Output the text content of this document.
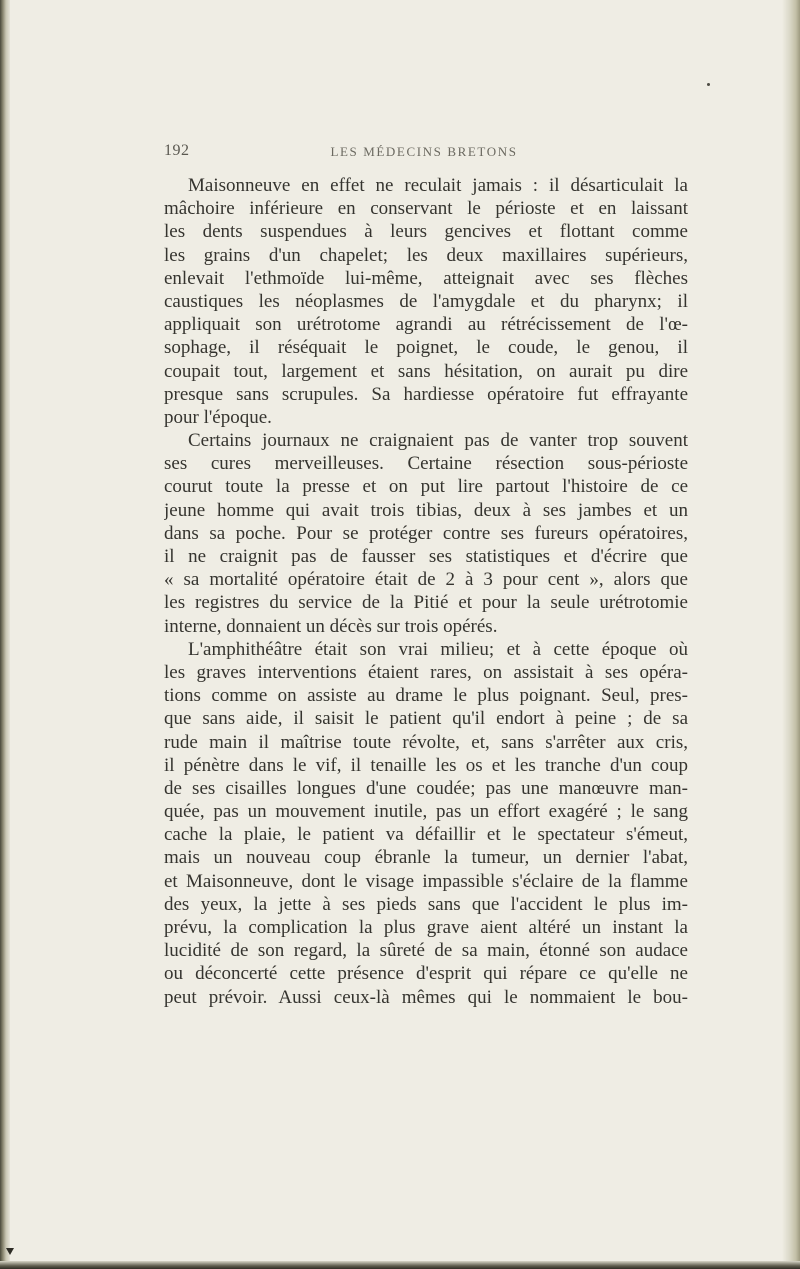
192	LES MÉDECINS BRETONS
Maisonneuve en effet ne reculait jamais : il désarticulait la
mâchoire inférieure en conservant le périoste et en laissant
les dents suspendues à leurs gencives et flottant comme
les grains d'un chapelet; les deux maxillaires supérieurs,
enlevait l'ethmoïde lui-même, atteignait avec ses flèches
caustiques les néoplasmes de l'amygdale et du pharynx; il
appliquait son urétrotome agrandi au rétrécissement de l'œ-
sophage, il réséquait le poignet, le coude, le genou, il
coupait tout, largement et sans hésitation, on aurait pu dire
presque sans scrupules. Sa hardiesse opératoire fut effrayante
pour l'époque.
Certains journaux ne craignaient pas de vanter trop souvent
ses cures merveilleuses. Certaine résection sous-périoste
courut toute la presse et on put lire partout l'histoire de ce
jeune homme qui avait trois tibias, deux à ses jambes et un
dans sa poche. Pour se protéger contre ses fureurs opératoires,
il ne craignit pas de fausser ses statistiques et d'écrire que
« sa mortalité opératoire était de 2 à 3 pour cent », alors que
les registres du service de la Pitié et pour la seule urétrotomie
interne, donnaient un décès sur trois opérés.
L'amphithéâtre était son vrai milieu; et à cette époque où
les graves interventions étaient rares, on assistait à ses opéra-
tions comme on assiste au drame le plus poignant. Seul, pres-
que sans aide, il saisit le patient qu'il endort à peine ; de sa
rude main il maîtrise toute révolte, et, sans s'arrêter aux cris,
il pénètre dans le vif, il tenaille les os et les tranche d'un coup
de ses cisailles longues d'une coudée; pas une manœuvre man-
quée, pas un mouvement inutile, pas un effort exagéré ; le sang
cache la plaie, le patient va défaillir et le spectateur s'émeut,
mais un nouveau coup ébranle la tumeur, un dernier l'abat,
et Maisonneuve, dont le visage impassible s'éclaire de la flamme
des yeux, la jette à ses pieds sans que l'accident le plus im-
prévu, la complication la plus grave aient altéré un instant la
lucidité de son regard, la sûreté de sa main, étonné son audace
ou déconcerté cette présence d'esprit qui répare ce qu'elle ne
peut prévoir. Aussi ceux-là mêmes qui le nommaient le bou-
